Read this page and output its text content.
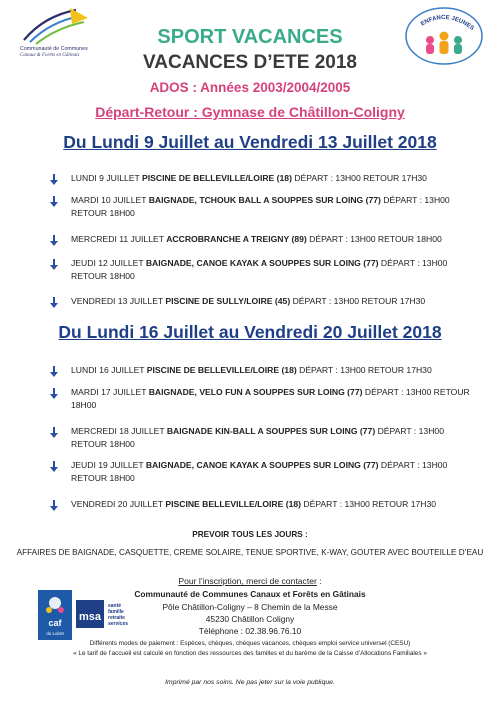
Communauté de Communes
Canaux & Forêts en Gâtinais
ENFANCE JEUNES
SPORT VACANCES
VACANCES D’ETE 2018
ADOS : Années 2003/2004/2005
Départ-Retour : Gymnase de Châtillon-Coligny
Du Lundi 9 Juillet au Vendredi 13 Juillet 2018
LUNDI 9 JUILLET PISCINE DE BELLEVILLE/LOIRE (18) DÉPART : 13H00 RETOUR 17H30
MARDI 10 JUILLET BAIGNADE, TCHOUK BALL A SOUPPES SUR LOING (77) DÉPART : 13H00 RETOUR 18H00
MERCREDI 11 JUILLET ACCROBRANCHE A TREIGNY (89) DÉPART : 13H00 RETOUR 18H00
JEUDI 12 JUILLET BAIGNADE, CANOE KAYAK A SOUPPES SUR LOING (77) DÉPART : 13H00 RETOUR 18H00
VENDREDI 13 JUILLET PISCINE DE SULLY/LOIRE (45) DÉPART : 13H00 RETOUR 17H30
Du Lundi 16 Juillet au Vendredi 20 Juillet 2018
LUNDI 16 JUILLET PISCINE DE BELLEVILLE/LOIRE (18) DÉPART : 13H00 RETOUR 17H30
MARDI 17 JUILLET BAIGNADE, VELO FUN A SOUPPES SUR LOING (77) DÉPART : 13H00 RETOUR 18H00
MERCREDI 18 JUILLET BAIGNADE KIN-BALL A SOUPPES SUR LOING (77) DÉPART : 13H00 RETOUR 18H00
JEUDI 19 JUILLET BAIGNADE, CANOE KAYAK A SOUPPES SUR LOING (77) DÉPART : 13H00 RETOUR 18H00
VENDREDI 20 JUILLET PISCINE BELLEVILLE/LOIRE (18) DÉPART : 13H00 RETOUR 17H30
PREVOIR TOUS LES JOURS :
AFFAIRES DE BAIGNADE, CASQUETTE, CREME SOLAIRE, TENUE SPORTIVE, K-WAY, GOUTER AVEC BOUTEILLE D’EAU
Pour l’inscription, merci de contacter :
Communauté de Communes Canaux et Forêts en Gâtinais
Pôle Châtillon-Coligny – 8 Chemin de la Messe
45230 Châtillon Coligny
Téléphone : 02.38.96.76.10
caf
du Loiret
msa
santé
famille
retraite
services
Différents modes de paiement : Espèces, chèques, chèques vacances, chèques emploi service universel (CESU)
« Le tarif de l’accueil est calculé en fonction des ressources des familles et du barème de la Caisse d’Allocations Familiales »
Imprimé par nos soins. Ne pas jeter sur la voie publique.
